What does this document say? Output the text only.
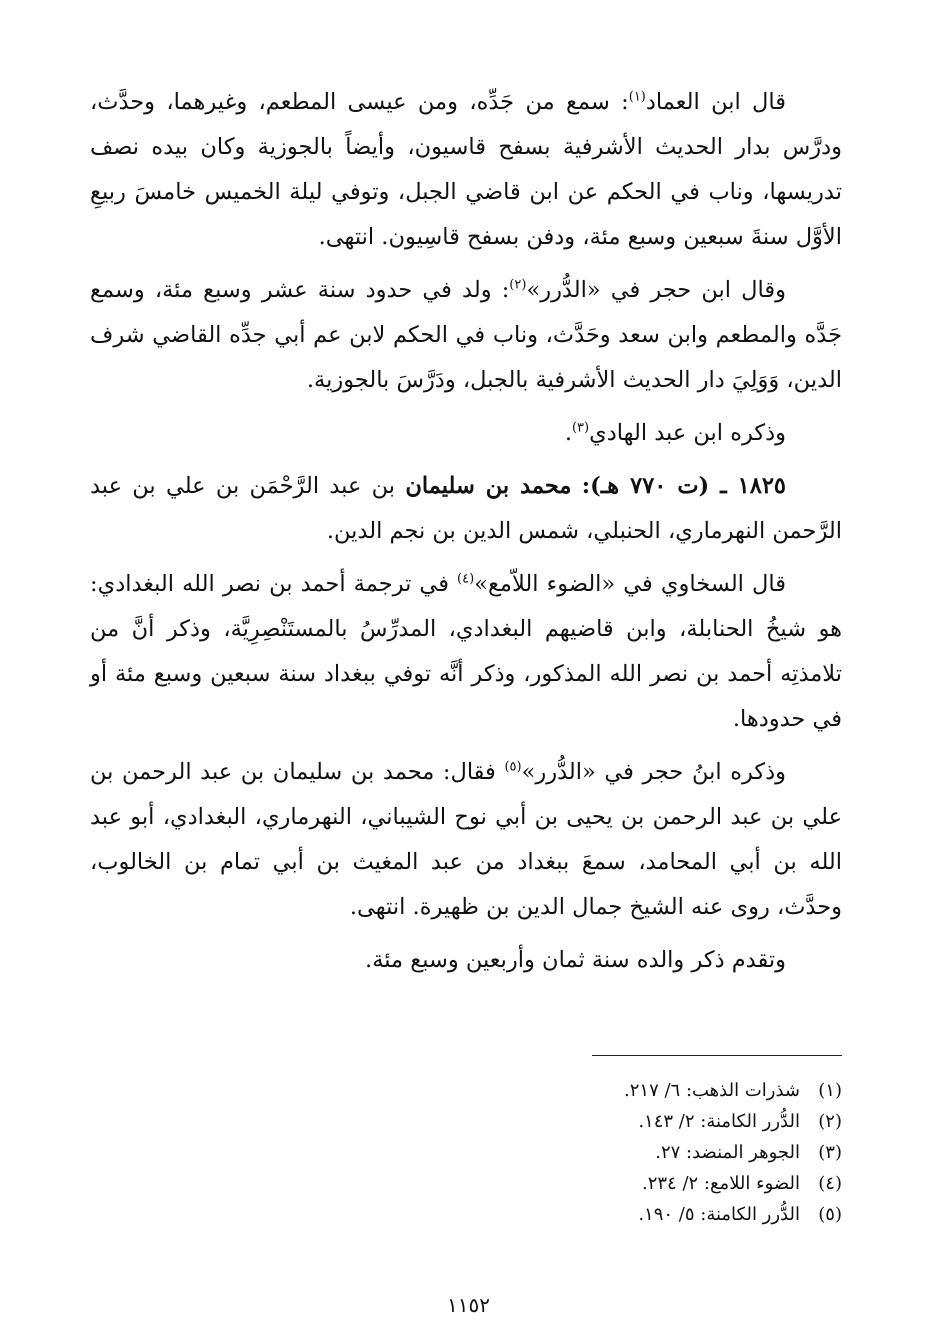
قال ابن العماد$^{(١)}$: سمع من جَدِّه، ومن عيسى المطعم، وغيرهما، وحدَّث، ودرَّس بدار الحديث الأشرفية بسفح قاسيون، وأيضاً بالجوزية وكان بيده نصف تدريسها، وناب في الحكم عن ابن قاضي الجبل، وتوفي ليلة الخميس خامسَ ربيعِ الأوَّل سنةَ سبعين وسبع مئة، ودفن بسفح قاسِيون. انتهى.

وقال ابن حجر في «الدُّرر»$^{(٢)}$: ولد في حدود سنة عشر وسبع مئة، وسمع جَدَّه والمطعم وابن سعد وحَدَّث، وناب في الحكم لابن عم أبي جدِّه القاضي شرف الدين، وَوَلِيَ دار الحديث الأشرفية بالجبل، ودَرَّسَ بالجوزية.

وذكره ابن عبد الهادي$^{(٣)}$.

١٨٢٥ ـ (ت ٧٧٠ هـ): محمد بن سليمان بن عبد الرَّحْمَن بن علي بن عبد الرَّحمن النهرماري، الحنبلي، شمس الدين بن نجم الدين.

قال السخاوي في «الضوء اللاّمع»$^{(٤)}$ في ترجمة أحمد بن نصر الله البغدادي: هو شيخُ الحنابلة، وابن قاضيهم البغدادي، المدرِّسُ بالمستَنْصِرِيَّة، وذكر أنَّ من تلامذتِه أحمد بن نصر الله المذكور، وذكر أنَّه توفي ببغداد سنة سبعين وسبع مئة أو في حدودها.

وذكره ابنُ حجر في «الدُّرر»$^{(٥)}$ فقال: محمد بن سليمان بن عبد الرحمن بن علي بن عبد الرحمن بن يحيى بن أبي نوح الشيباني، النهرماري، البغدادي، أبو عبد الله بن أبي المحامد، سمعَ ببغداد من عبد المغيث بن أبي تمام بن الخالوب، وحدَّث، روى عنه الشيخ جمال الدين بن ظهيرة. انتهى.

وتقدم ذكر والده سنة ثمان وأربعين وسبع مئة.

(١)
شذرات الذهب: ٦/ ٢١٧.
(٢)
الدُّرر الكامنة: ٢/ ١٤٣.
(٣)
الجوهر المنضد: ٢٧.
(٤)
الضوء اللامع: ٢/ ٢٣٤.
(٥)
الدُّرر الكامنة: ٥/ ١٩٠.
١١٥٢
